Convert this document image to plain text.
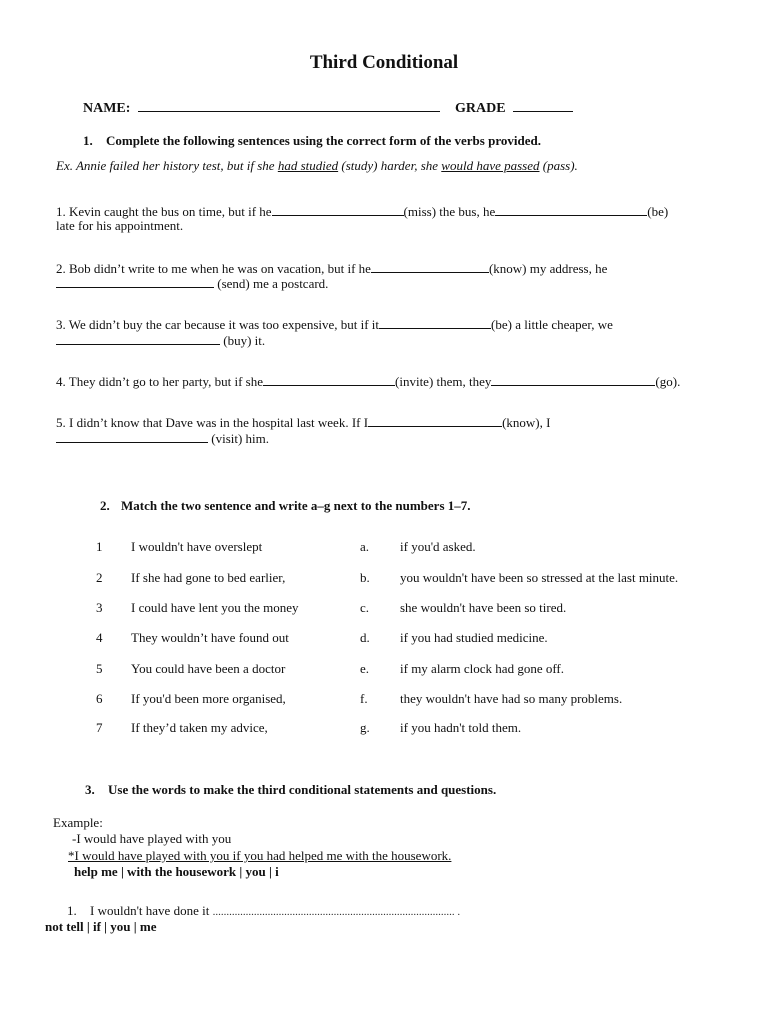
Third Conditional
NAME:	GRADE
1. Complete the following sentences using the correct form of the verbs provided.
Ex. Annie failed her history test, but if she had studied (study) harder, she would have passed (pass).
1. Kevin caught the bus on time, but if he	(miss) the bus, he	(be)
late for his appointment.
2. Bob didn’t write to me when he was on vacation, but if he	(know) my address, he
(send) me a postcard.
3. We didn’t buy the car because it was too expensive, but if it	(be) a little cheaper, we
(buy) it.
4. They didn’t go to her party, but if she	(invite) them, they	(go).
5. I didn’t know that Dave was in the hospital last week. If I	(know), I
(visit) him.
2. Match the two sentence and write a–g next to the numbers 1–7.
1 I wouldn't have overslept	a. if you'd asked.
2 If she had gone to bed earlier,	b. you wouldn't have been so stressed at the last minute.
3 I could have lent you the money	c. she wouldn't have been so tired.
4 They wouldn’t have found out	d. if you had studied medicine.
5 You could have been a doctor	e. if my alarm clock had gone off.
6 If you'd been more organised,	f. they wouldn't have had so many problems.
7 If they’d taken my advice,	g. if you hadn't told them.
3. Use the words to make the third conditional statements and questions.
Example:
-I would have played with you
*I would have played with you if you had helped me with the housework.
help me | with the housework | you | i
1. I wouldn't have done it ........................................................................................ .
not tell | if | you | me
